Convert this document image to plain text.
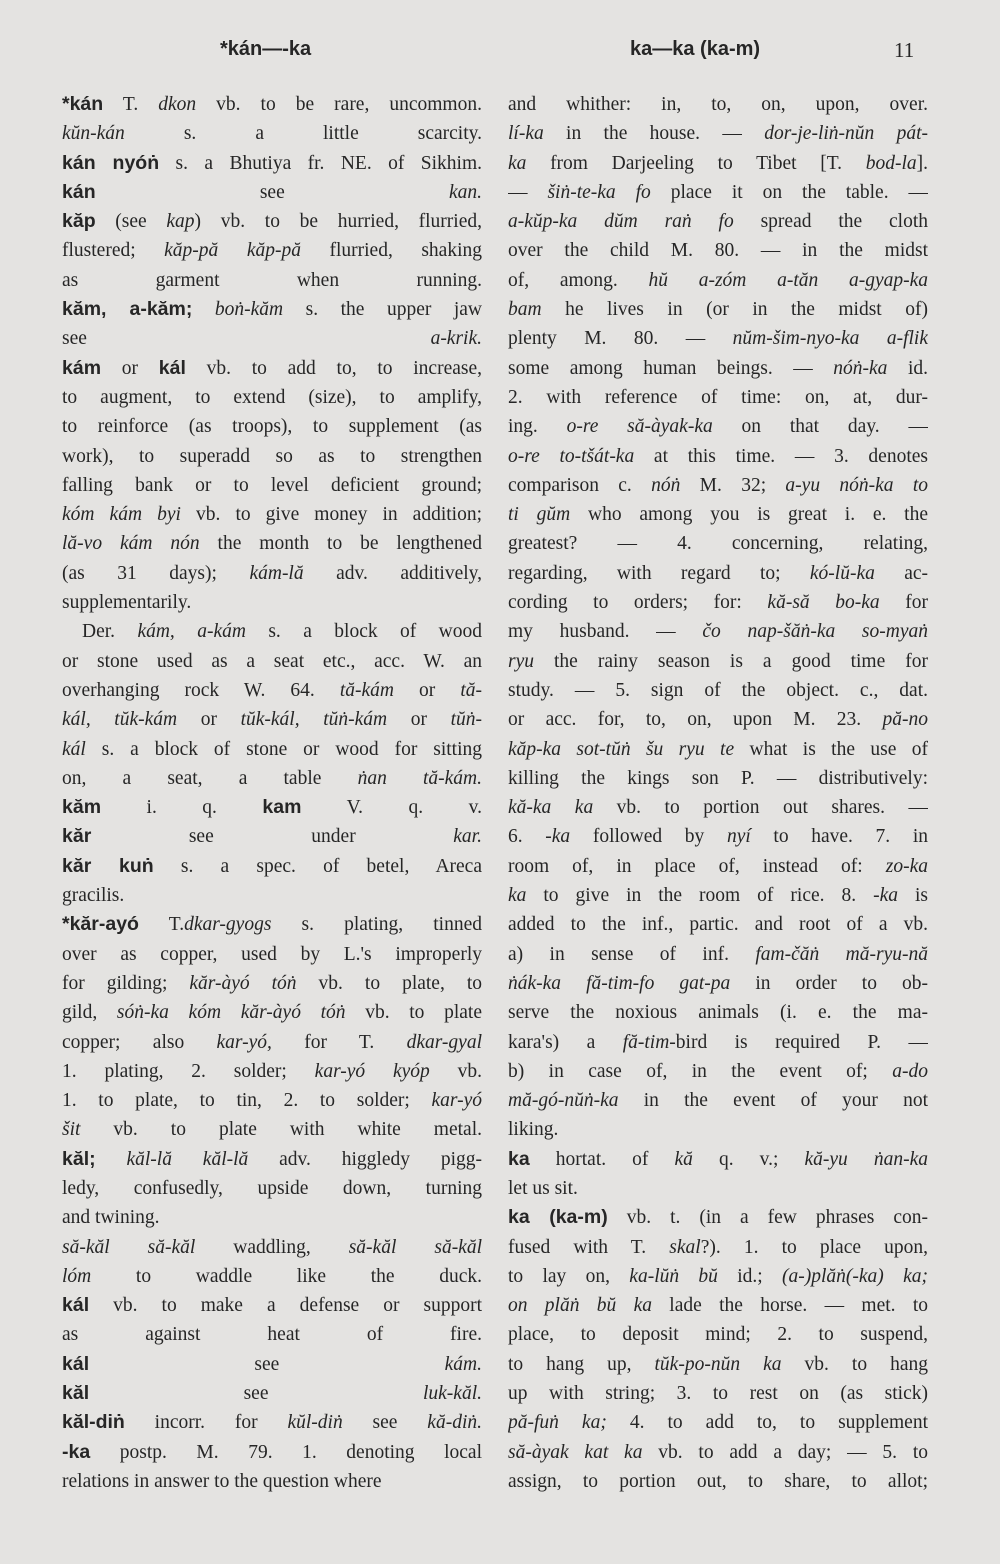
*kán—-ka	ka—ka (ka-m)	11
*kán T. dkon vb. to be rare, uncommon.
kŭn-kán s. a little scarcity.
kán nyóṅ s. a Bhutiya fr. NE. of Sikhim.
kán see kan.
kăp (see kap) vb. to be hurried, flurried,
flustered; kăp-pă kăp-pă flurried, shaking
as garment when running.
kăm, a-kăm; boṅ-kăm s. the upper jaw
see a-krik.
kám or kál vb. to add to, to increase,
to augment, to extend (size), to amplify,
to reinforce (as troops), to supplement (as
work), to superadd so as to strengthen
falling bank or to level deficient ground;
kóm kám byi vb. to give money in addition;
lă-vo kám nón the month to be lengthened
(as 31 days); kám-lă adv. additively,
supplementarily.
Der. kám, a-kám s. a block of wood
or stone used as a seat etc., acc. W. an
overhanging rock W. 64. tă-kám or tă-
kál, tŭk-kám or tŭk-kál, tŭṅ-kám or tŭṅ-
kál s. a block of stone or wood for sitting
on, a seat, a table ṅan tă-kám.
kăm i. q. kam V. q. v.
kăr see under kar.
kăr kuṅ s. a spec. of betel, Areca
gracilis.
*kăr-ayó T.dkar-gyogs s. plating, tinned
over as copper, used by L.'s improperly
for gilding; kăr-àyó tóṅ vb. to plate, to
gild, sóṅ-ka kóm kăr-àyó tóṅ vb. to plate
copper; also kar-yó, for T. dkar-gyal
1. plating, 2. solder; kar-yó kyóp vb.
1. to plate, to tin, 2. to solder; kar-yó
šit vb. to plate with white metal.
kăl; kăl-lă kăl-lă adv. higgledy pigg-
ledy, confusedly, upside down, turning
and twining.
să-kăl să-kăl waddling, să-kăl să-kăl
lóm to waddle like the duck.
kál vb. to make a defense or support
as against heat of fire.
kál see kám.
kăl see luk-kăl.
kăl-diṅ incorr. for kŭl-diṅ see kă-diṅ.
-ka postp. M. 79. 1. denoting local
relations in answer to the question where
and whither: in, to, on, upon, over.
lí-ka in the house. — dor-je-liṅ-nŭn pát-
ka from Darjeeling to Tibet [T. bod-la].
— šiṅ-te-ka fo place it on the table. —
a-kŭp-ka dŭm raṅ fo spread the cloth
over the child M. 80. — in the midst
of, among. hŭ a-zóm a-tăn a-gyap-ka
bam he lives in (or in the midst of)
plenty M. 80. — nŭm-šim-nyo-ka a-flik
some among human beings. — nóṅ-ka id.
2. with reference of time: on, at, dur-
ing. o-re să-àyak-ka on that day. —
o-re to-tšát-ka at this time. — 3. denotes
comparison c. nóṅ M. 32; a-yu nóṅ-ka to
ti gŭm who among you is great i. e. the
greatest? — 4. concerning, relating,
regarding, with regard to; kó-lŭ-ka ac-
cording to orders; for: kă-să bo-ka for
my husband. — čo nap-šăṅ-ka so-myaṅ
ryu the rainy season is a good time for
study. — 5. sign of the object. c., dat.
or acc. for, to, on, upon M. 23. pă-no
kăp-ka sot-tŭṅ šu ryu te what is the use of
killing the kings son P. — distributively:
kă-ka ka vb. to portion out shares. —
6. -ka followed by nyí to have. 7. in
room of, in place of, instead of: zo-ka
ka to give in the room of rice. 8. -ka is
added to the inf., partic. and root of a vb.
a) in sense of inf. fam-čăṅ mă-ryu-nă
ṅák-ka fă-tim-fo gat-pa in order to ob-
serve the noxious animals (i. e. the ma-
kara's) a fă-tim-bird is required P. —
b) in case of, in the event of; a-do
mă-gó-nŭṅ-ka in the event of your not
liking.
ka hortat. of kă q. v.; kă-yu ṅan-ka
let us sit.
ka (ka-m) vb. t. (in a few phrases con-
fused with T. skal?). 1. to place upon,
to lay on, ka-lŭṅ bŭ id.; (a-)plăṅ(-ka) ka;
on plăṅ bŭ ka lade the horse. — met. to
place, to deposit mind; 2. to suspend,
to hang up, tŭk-po-nŭn ka vb. to hang
up with string; 3. to rest on (as stick)
pă-fuṅ ka; 4. to add to, to supplement
să-àyak kat ka vb. to add a day; — 5. to
assign, to portion out, to share, to allot;
